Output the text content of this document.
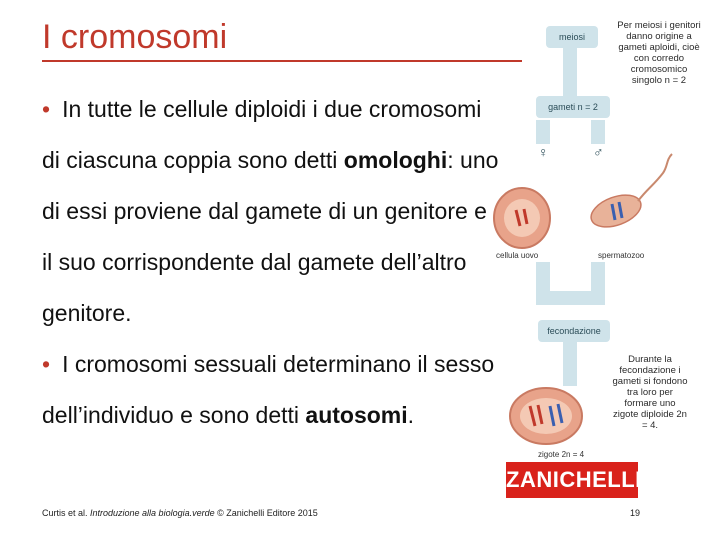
I cromosomi
• In tutte le cellule diploidi i due cromosomi di ciascuna coppia sono detti omologhi: uno di essi proviene dal gamete di un genitore e il suo corrispondente dal gamete dell’altro genitore.
• I cromosomi sessuali determinano il sesso dell’individuo e sono detti autosomi.
meiosi
Per meiosi i genitori danno origine a gameti aploidi, cioè con corredo cromosomico singolo n = 2
gameti n = 2
♀	♂
cellula uovo	spermatozoo
fecondazione
Durante la fecondazione i gameti si fondono tra loro per formare uno zigote diploide 2n = 4.
zigote 2n = 4
ZANICHELLI
Curtis et al. Introduzione alla biologia.verde © Zanichelli Editore 2015	19
